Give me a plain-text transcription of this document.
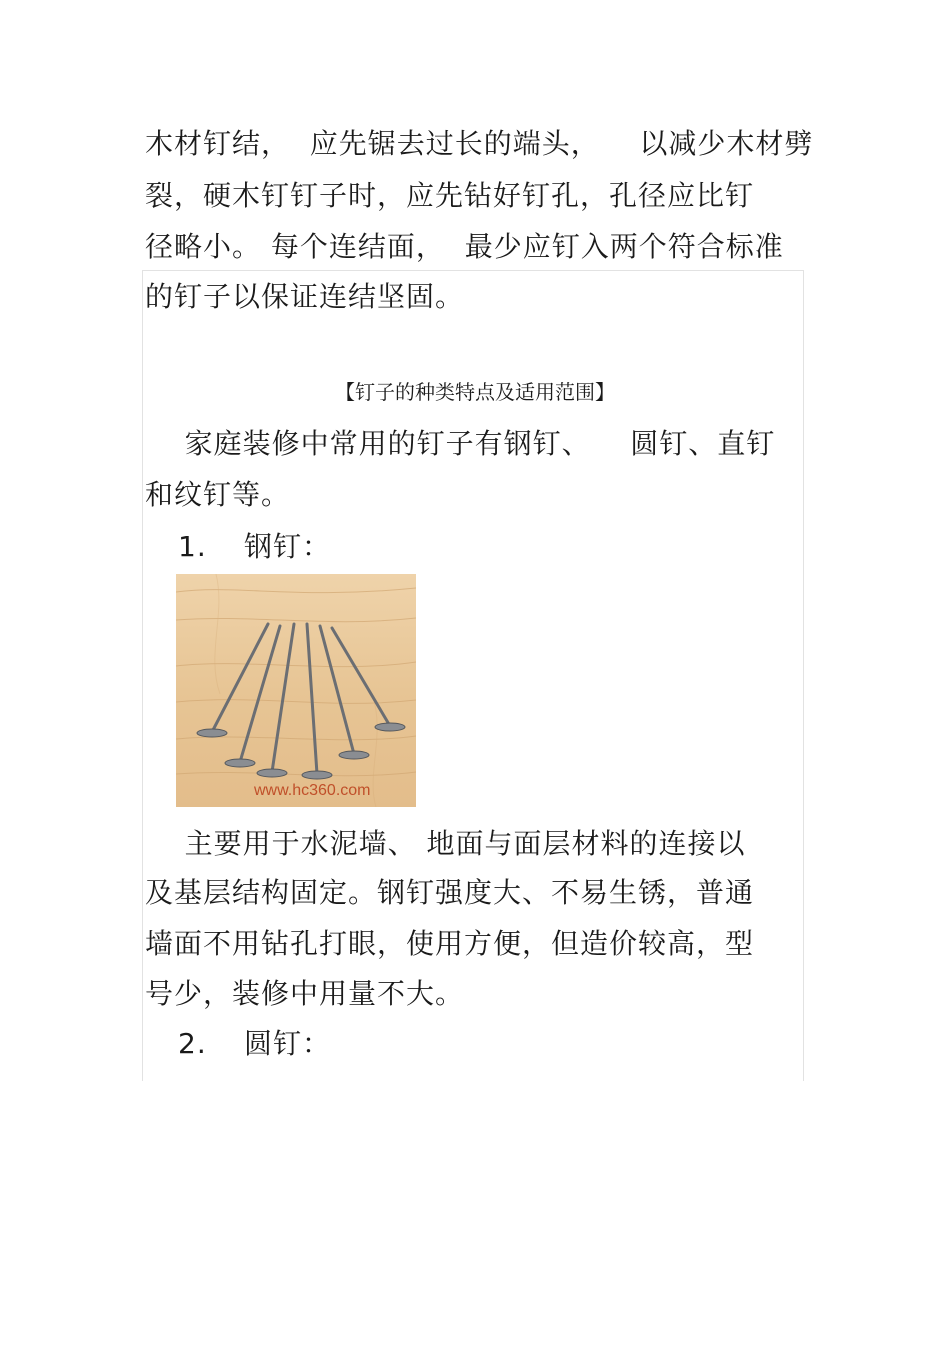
木材钉结，  应先锯去过长的端头，    以减少木材劈
裂，硬木钉钉子时，应先钻好钉孔，孔径应比钉
径略小。 每个连结面，  最少应钉入两个符合标准
的钉子以保证连结坚固。
【钉子的种类特点及适用范围】
家庭装修中常用的钉子有钢钉、    圆钉、直钉
和纹钉等。
1. 钢钉：
www.hc360.com
主要用于水泥墙、 地面与面层材料的连接以
及基层结构固定。钢钉强度大、不易生锈，普通
墙面不用钻孔打眼，使用方便，但造价较高，型
号少，装修中用量不大。
2. 圆钉：
